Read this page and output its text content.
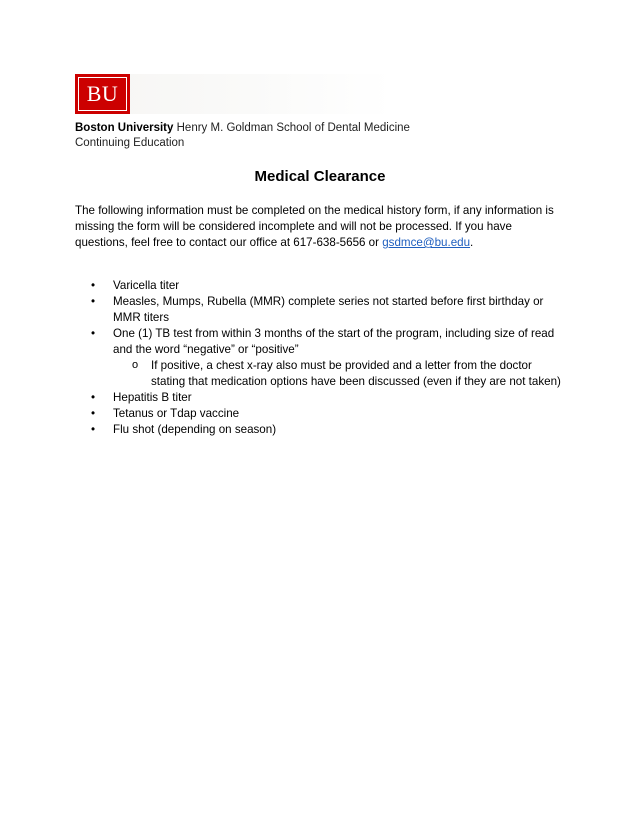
BU
Boston University Henry M. Goldman School of Dental Medicine
Continuing Education
Medical Clearance

The following information must be completed on the medical history form, if any information is missing the form will be considered incomplete and will not be processed. If you have questions, feel free to contact our office at 617-638-5656 or gsdmce@bu.edu.

• Varicella titer
• Measles, Mumps, Rubella (MMR) complete series not started before first birthday or MMR titers
• One (1) TB test from within 3 months of the start of the program, including size of read and the word “negative” or “positive”
o If positive, a chest x-ray also must be provided and a letter from the doctor stating that medication options have been discussed (even if they are not taken)
• Hepatitis B titer
• Tetanus or Tdap vaccine
• Flu shot (depending on season)
